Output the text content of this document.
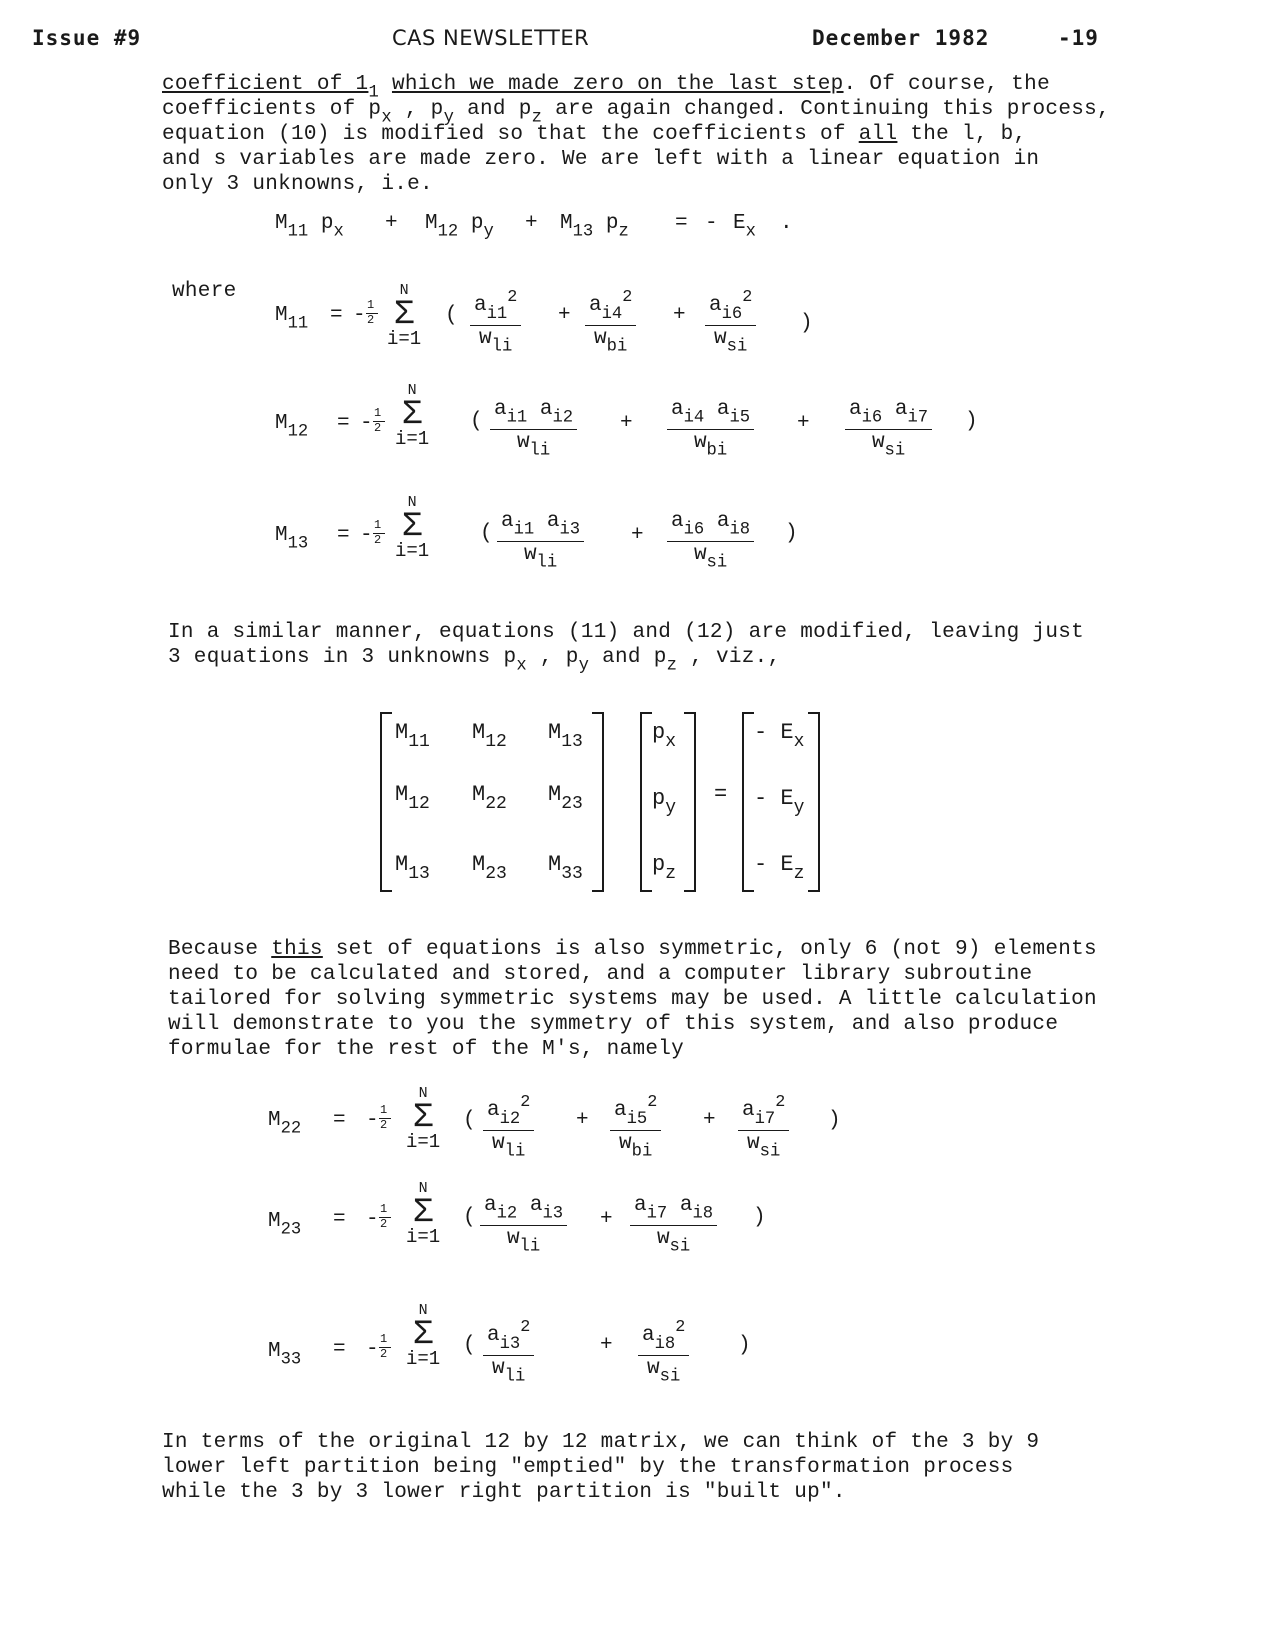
Issue #9	CAS NEWSLETTER	December 1982	-19
coefficient of $1_1$ which we made zero on the last step. Of course, the
coefficients of $p_x$ , $p_y$ and $p_z$ are again changed. Continuing this process,
equation (10) is modified so that the coefficients of all the l, b,
and s variables are made zero. We are left with a linear equation in
only 3 unknowns, i.e.
$M_{11}$ $p_x + M_{12}$ $p_y + M_{13}$ $p_z$ = - $E_x$ .
where
$M_{11}$ = - 1
2
N
Σ
i=1
( $a_{i1}^2$
$w_{li}$
+ $a_{i4}^2$
$w_{bi}$
+ $a_{i6}^2$
$w_{si}$
)
$M_{12}$ = - 1
2
N
Σ
i=1
(
$a_{i1}$ $a_{i2}$
$w_{li}$
+
$a_{i4}$ $a_{i5}$
$w_{bi}$
+
$a_{i6}$ $a_{i7}$
$w_{si}$
)
$M_{13}$ = - 1
2
N
Σ
i=1
(
$a_{i1}$ $a_{i3}$
$w_{li}$
+
$a_{i6}$ $a_{i8}$
$w_{si}$
)
In a similar manner, equations (11) and (12) are modified, leaving just
3 equations in 3 unknowns $p_x$ , $p_y$ and $p_z$ , viz.,
$M_{11}$ $M_{12}$ $M_{13}$
$M_{12}$ $M_{22}$ $M_{23}$
$M_{13}$ $M_{23}$ $M_{33}$
$p_x$
$p_y$
$p_z$
=
- $E_x$
- $E_y$
- $E_z$
Because this set of equations is also symmetric, only 6 (not 9) elements
need to be calculated and stored, and a computer library subroutine
tailored for solving symmetric systems may be used. A little calculation
will demonstrate to you the symmetry of this system, and also produce
formulae for the rest of the M's, namely
$M_{22}$ = - 1
2
N
Σ
i=1
( $a_{i2}^2$
$w_{li}$
+ $a_{i5}^2$
$w_{bi}$
+ $a_{i7}^2$
$w_{si}$
)
$M_{23}$ = - 1
2
N
Σ
i=1
(
$a_{i2}$ $a_{i3}$
$w_{li}$
+
$a_{i7}$ $a_{i8}$
$w_{si}$
)
$M_{33}$ = - 1
2
N
Σ
i=1
( $a_{i3}^2$
$w_{li}$
+ $a_{i8}^2$
$w_{si}$
)
In terms of the original 12 by 12 matrix, we can think of the 3 by 9
lower left partition being "emptied" by the transformation process
while the 3 by 3 lower right partition is "built up".
